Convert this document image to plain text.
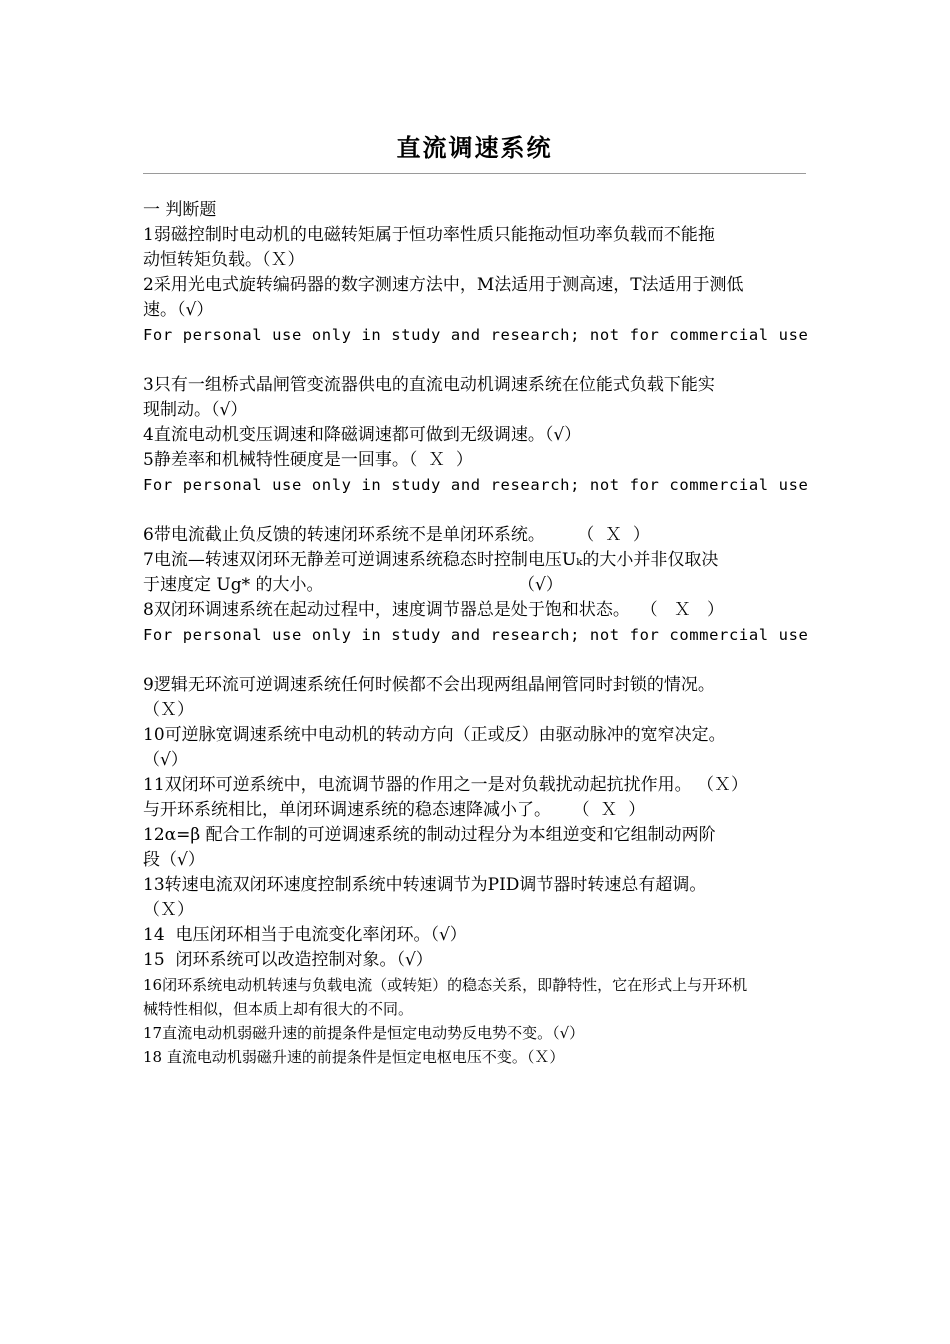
直流调速系统
一 判断题
1弱磁控制时电动机的电磁转矩属于恒功率性质只能拖动恒功率负载而不能拖
动恒转矩负载。（Ｘ）
2采用光电式旋转编码器的数字测速方法中，M法适用于测高速，T法适用于测低
速。（√）
For personal use only in study and research; not for commercial use
3只有一组桥式晶闸管变流器供电的直流电动机调速系统在位能式负载下能实
现制动。（√）
4直流电动机变压调速和降磁调速都可做到无级调速。（√）
5静差率和机械特性硬度是一回事。（  Ｘ  ）
For personal use only in study and research; not for commercial use
6带电流截止负反馈的转速闭环系统不是单闭环系统。      （  Ｘ  ）
7电流—转速双闭环无静差可逆调速系统稳态时控制电压Uₖ的大小并非仅取决
于速度定 Ug* 的大小。                                    （√）
8双闭环调速系统在起动过程中，速度调节器总是处于饱和状态。  （   Ｘ   ）
For personal use only in study and research; not for commercial use
9逻辑无环流可逆调速系统任何时候都不会出现两组晶闸管同时封锁的情况。
（Ｘ）
10可逆脉宽调速系统中电动机的转动方向（正或反）由驱动脉冲的宽窄决定。
（√）
11双闭环可逆系统中，电流调节器的作用之一是对负载扰动起抗扰作用。 （Ｘ）
与开环系统相比，单闭环调速系统的稳态速降减小了。    （  Ｘ  ）
12α=β 配合工作制的可逆调速系统的制动过程分为本组逆变和它组制动两阶
段（√）
13转速电流双闭环速度控制系统中转速调节为PID调节器时转速总有超调。
（Ｘ）
14  电压闭环相当于电流变化率闭环。（√）
15  闭环系统可以改造控制对象。（√）
16闭环系统电动机转速与负载电流（或转矩）的稳态关系，即静特性，它在形式上与开环机
械特性相似，但本质上却有很大的不同。
17直流电动机弱磁升速的前提条件是恒定电动势反电势不变。（√）
18 直流电动机弱磁升速的前提条件是恒定电枢电压不变。（Ｘ）
